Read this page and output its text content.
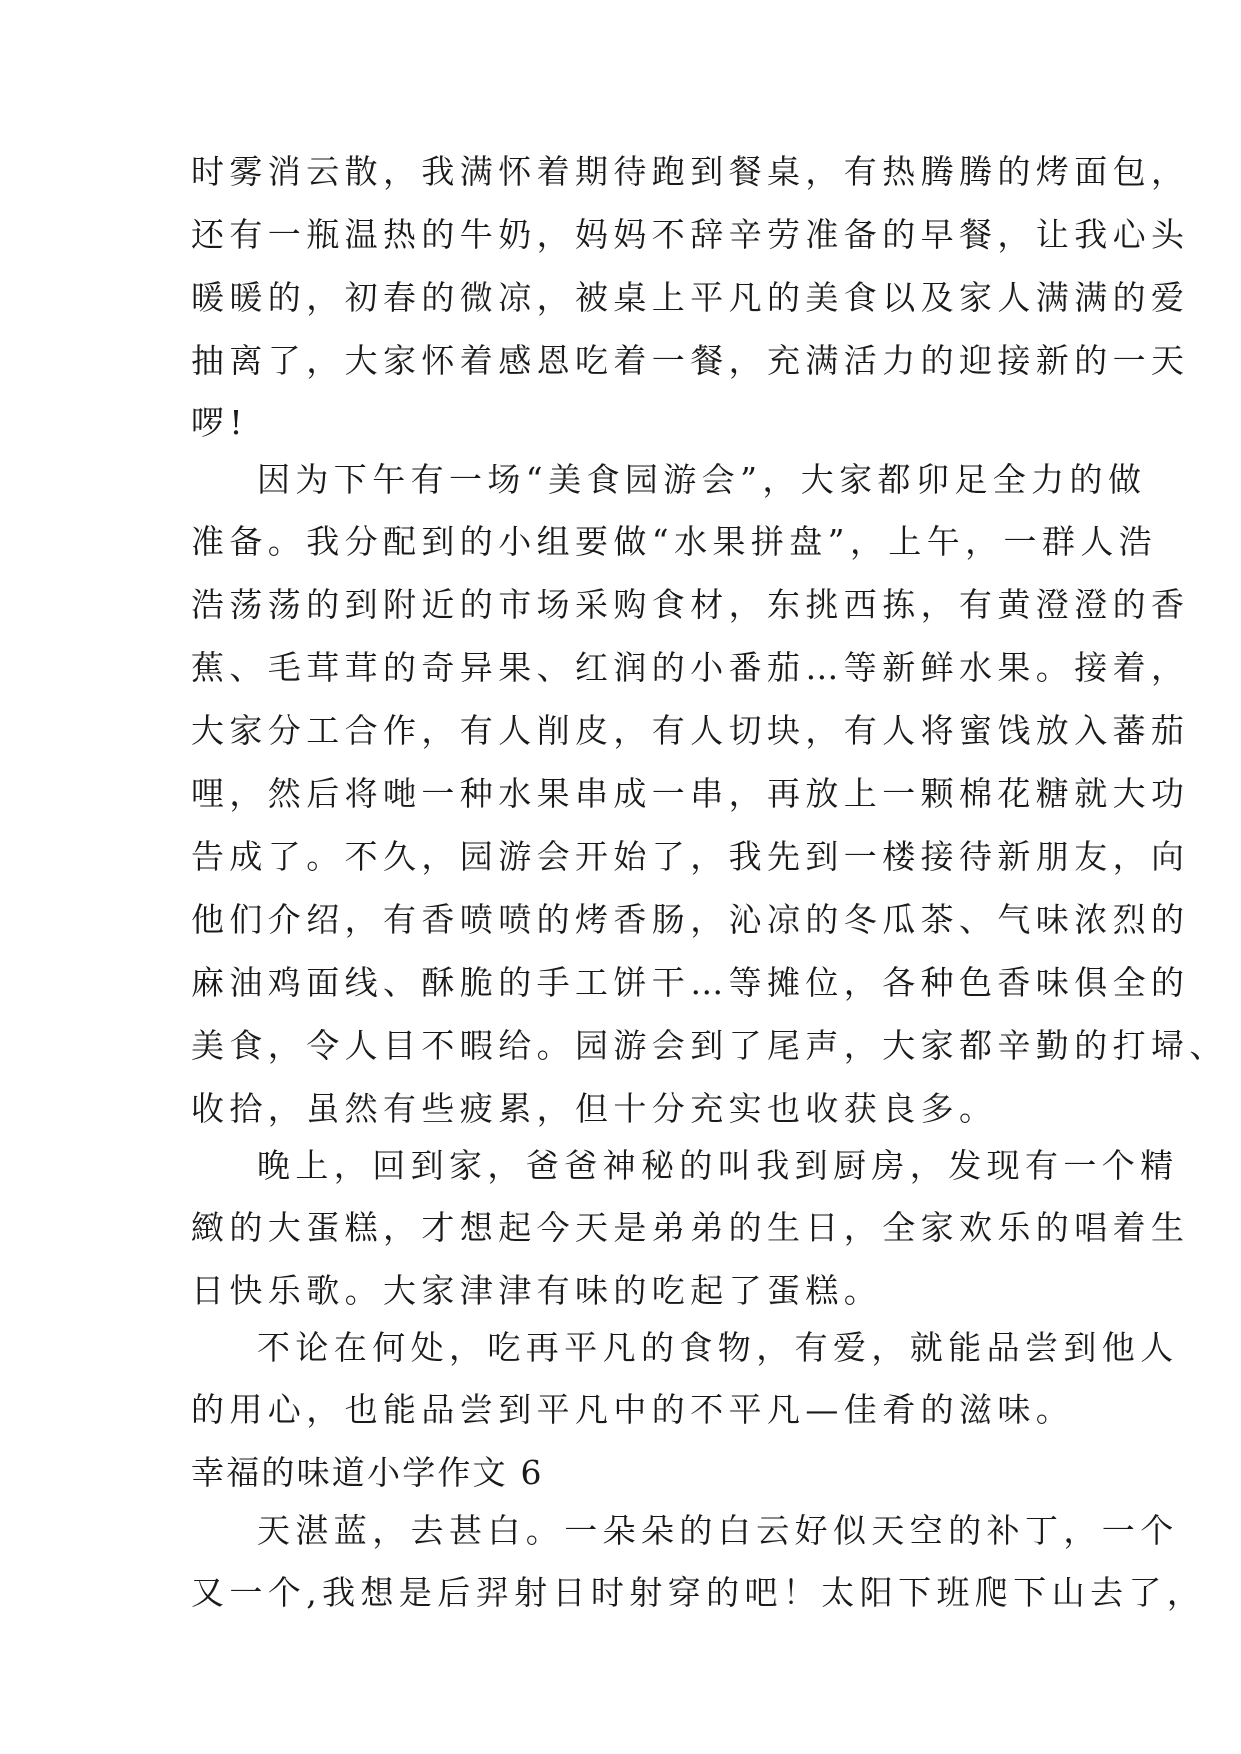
时雾消云散，我满怀着期待跑到餐桌，有热腾腾的烤面包，
还有一瓶温热的牛奶，妈妈不辞辛劳准备的早餐，让我心头
暖暖的，初春的微凉，被桌上平凡的美食以及家人满满的爱
抽离了，大家怀着感恩吃着一餐，充满活力的迎接新的一天
啰!
因为下午有一场“美食园游会”，大家都卯足全力的做
准备。我分配到的小组要做“水果拼盘”，上午，一群人浩
浩荡荡的到附近的市场采购食材，东挑西拣，有黄澄澄的香
蕉、毛茸茸的奇异果、红润的小番茄…等新鲜水果。接着，
大家分工合作，有人削皮，有人切块，有人将蜜饯放入蕃茄
哩，然后将哋一种水果串成一串，再放上一颗棉花糖就大功
告成了。不久，园游会开始了，我先到一楼接待新朋友，向
他们介绍，有香喷喷的烤香肠，沁凉的冬瓜茶、气味浓烈的
麻油鸡面线、酥脆的手工饼干…等摊位，各种色香味俱全的
美食，令人目不暇给。园游会到了尾声，大家都辛勤的打埽、
收拾，虽然有些疲累，但十分充实也收获良多。
晚上，回到家，爸爸神秘的叫我到厨房，发现有一个精
緻的大蛋糕，才想起今天是弟弟的生日，全家欢乐的唱着生
日快乐歌。大家津津有味的吃起了蛋糕。
不论在何处，吃再平凡的食物，有爱，就能品尝到他人
的用心，也能品尝到平凡中的不平凡—佳肴的滋味。
幸福的味道小学作文 6
天湛蓝，去甚白。一朵朵的白云好似天空的补丁，一个
又一个,我想是后羿射日时射穿的吧！太阳下班爬下山去了，
